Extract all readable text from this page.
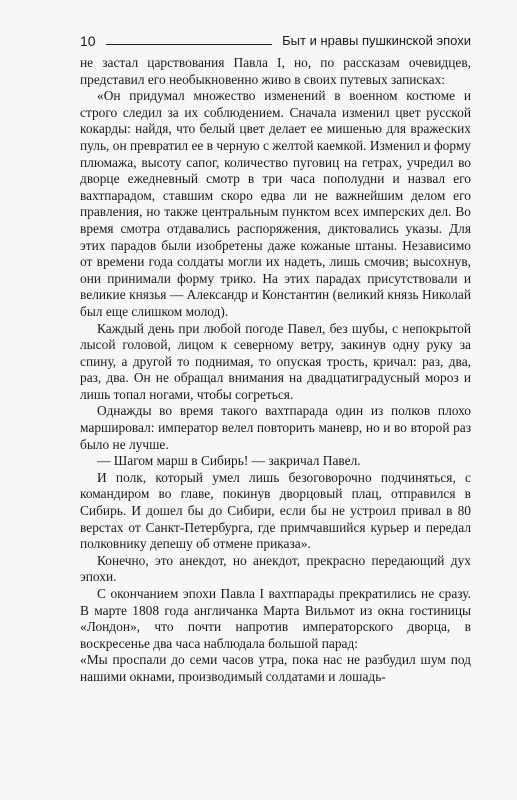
10	Быт и нравы пушкинской эпохи

не застал царствования Павла I, но, по рассказам очевидцев, представил его необыкновенно живо в своих путевых записках:

«Он придумал множество изменений в военном костюме и строго следил за их соблюдением. Сначала изменил цвет русской кокарды: найдя, что белый цвет делает ее мишенью для вражеских пуль, он превратил ее в черную с желтой каемкой. Изменил и форму плюмажа, высоту сапог, количество пуговиц на гетрах, учредил во дворце ежедневный смотр в три часа пополудни и назвал его вахтпарадом, ставшим скоро едва ли не важнейшим делом его правления, но также центральным пунктом всех имперских дел. Во время смотра отдавались распоряжения, диктовались указы. Для этих парадов были изобретены даже кожаные штаны. Независимо от времени года солдаты могли их надеть, лишь смочив; высохнув, они принимали форму трико. На этих парадах присутствовали и великие князья — Александр и Константин (великий князь Николай был еще слишком молод).

Каждый день при любой погоде Павел, без шубы, с непокрытой лысой головой, лицом к северному ветру, закинув одну руку за спину, а другой то поднимая, то опуская трость, кричал: раз, два, раз, два. Он не обращал внимания на двадцатиградусный мороз и лишь топал ногами, чтобы согреться.

Однажды во время такого вахтпарада один из полков плохо маршировал: император велел повторить маневр, но и во второй раз было не лучше.

— Шагом марш в Сибирь! — закричал Павел.

И полк, который умел лишь безоговорочно подчиняться, с командиром во главе, покинув дворцовый плац, отправился в Сибирь. И дошел бы до Сибири, если бы не устроил привал в 80 верстах от Санкт-Петербурга, где примчавшийся курьер и передал полковнику депешу об отмене приказа».

Конечно, это анекдот, но анекдот, прекрасно передающий дух эпохи.

С окончанием эпохи Павла I вахтпарады прекратились не сразу. В марте 1808 года англичанка Марта Вильмот из окна гостиницы «Лондон», что почти напротив императорского дворца, в воскресенье два часа наблюдала большой парад:

«Мы проспали до семи часов утра, пока нас не разбудил шум под нашими окнами, производимый солдатами и лошадь-
